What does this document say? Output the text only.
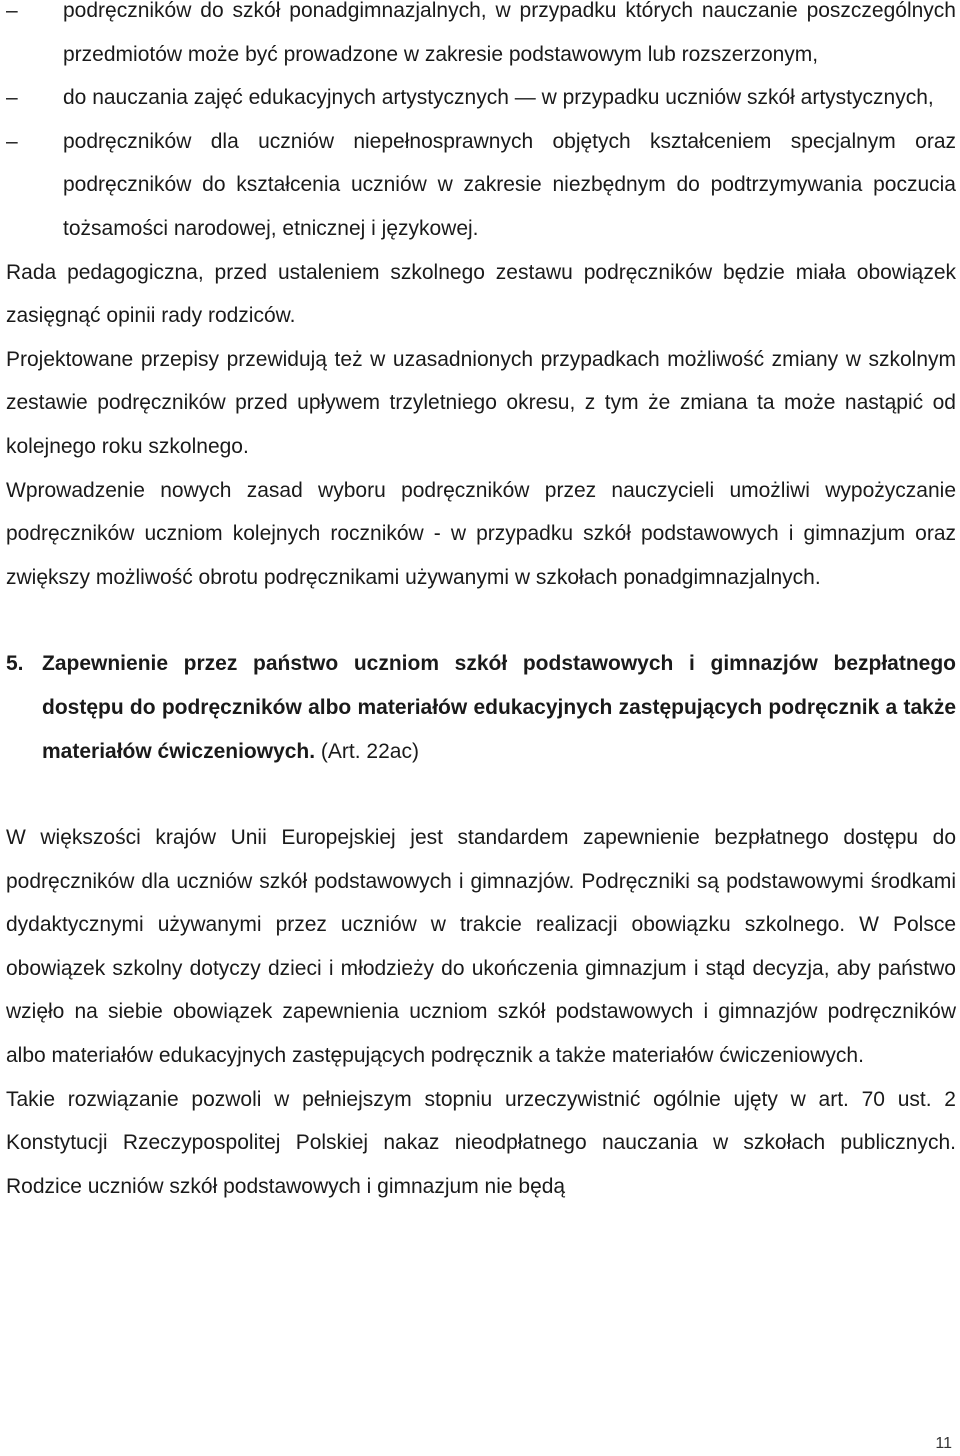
–	podręczników do szkół ponadgimnazjalnych, w przypadku których nauczanie poszczególnych przedmiotów może być prowadzone w zakresie podstawowym lub rozszerzonym,
–	do nauczania zajęć edukacyjnych artystycznych — w przypadku uczniów szkół artystycznych,
–	podręczników dla uczniów niepełnosprawnych objętych kształceniem specjalnym oraz podręczników do kształcenia uczniów w zakresie niezbędnym do podtrzymywania poczucia tożsamości narodowej, etnicznej i językowej.
Rada pedagogiczna, przed ustaleniem szkolnego zestawu podręczników będzie miała obowiązek zasięgnąć opinii rady rodziców.
Projektowane przepisy przewidują też w uzasadnionych przypadkach możliwość zmiany w szkolnym zestawie podręczników przed upływem trzyletniego okresu, z tym że zmiana ta może nastąpić od kolejnego roku szkolnego.
Wprowadzenie nowych zasad wyboru podręczników przez nauczycieli umożliwi wypożyczanie podręczników uczniom kolejnych roczników - w przypadku szkół podstawowych i gimnazjum oraz zwiększy możliwość obrotu podręcznikami używanymi w szkołach ponadgimnazjalnych.
5. Zapewnienie przez państwo uczniom szkół podstawowych i gimnazjów bezpłatnego dostępu do podręczników albo materiałów edukacyjnych zastępujących podręcznik a także materiałów ćwiczeniowych. (Art. 22ac)
W większości krajów Unii Europejskiej jest standardem zapewnienie bezpłatnego dostępu do podręczników dla uczniów szkół podstawowych i gimnazjów. Podręczniki są podstawowymi środkami dydaktycznymi używanymi przez uczniów w trakcie realizacji obowiązku szkolnego. W Polsce obowiązek szkolny dotyczy dzieci i młodzieży do ukończenia gimnazjum i stąd decyzja, aby państwo wzięło na siebie obowiązek zapewnienia uczniom szkół podstawowych i gimnazjów podręczników albo materiałów edukacyjnych zastępujących podręcznik a także materiałów ćwiczeniowych.
Takie rozwiązanie pozwoli w pełniejszym stopniu urzeczywistnić ogólnie ujęty w art. 70 ust. 2 Konstytucji Rzeczypospolitej Polskiej nakaz nieodpłatnego nauczania w szkołach publicznych. Rodzice uczniów szkół podstawowych i gimnazjum nie będą
11
